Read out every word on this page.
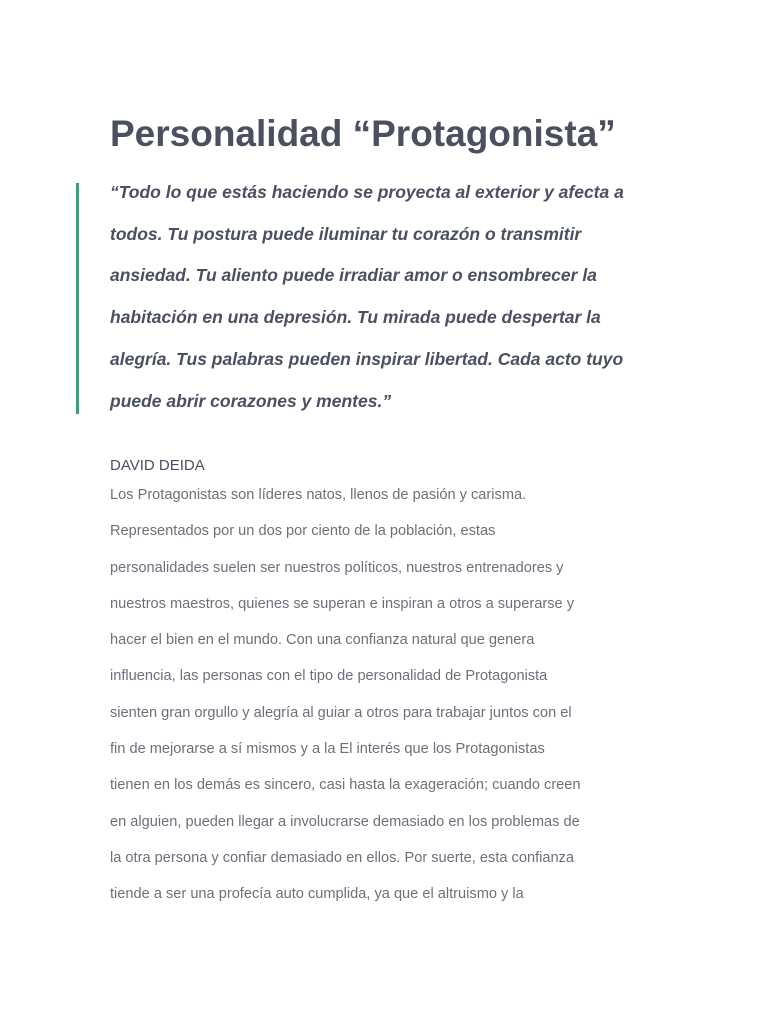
Personalidad “Protagonista”
“Todo lo que estás haciendo se proyecta al exterior y afecta a
todos. Tu postura puede iluminar tu corazón o transmitir
ansiedad. Tu aliento puede irradiar amor o ensombrecer la
habitación en una depresión. Tu mirada puede despertar la
alegría. Tus palabras pueden inspirar libertad. Cada acto tuyo
puede abrir corazones y mentes.”

DAVID DEIDA

Los Protagonistas son líderes natos, llenos de pasión y carisma.
Representados por un dos por ciento de la población, estas
personalidades suelen ser nuestros políticos, nuestros entrenadores y
nuestros maestros, quienes se superan e inspiran a otros a superarse y
hacer el bien en el mundo. Con una confianza natural que genera
influencia, las personas con el tipo de personalidad de Protagonista
sienten gran orgullo y alegría al guiar a otros para trabajar juntos con el
fin de mejorarse a sí mismos y a la El interés que los Protagonistas
tienen en los demás es sincero, casi hasta la exageración; cuando creen
en alguien, pueden llegar a involucrarse demasiado en los problemas de
la otra persona y confiar demasiado en ellos. Por suerte, esta confianza
tiende a ser una profecía auto cumplida, ya que el altruismo y la
